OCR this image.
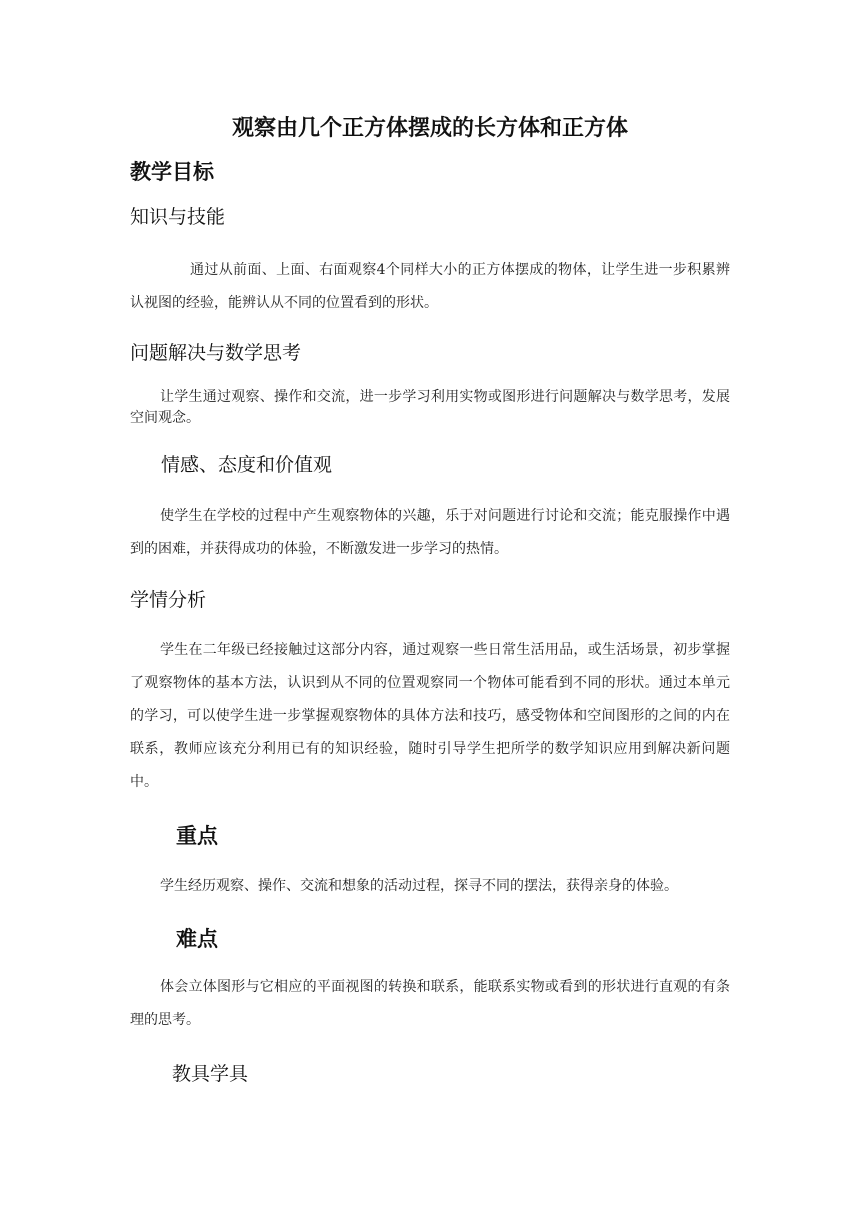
观察由几个正方体摆成的长方体和正方体
教学目标
知识与技能

通过从前面、上面、右面观察4个同样大小的正方体摆成的物体，让学生进一步积累辨认视图的经验，能辨认从不同的位置看到的形状。

问题解决与数学思考

让学生通过观察、操作和交流，进一步学习利用实物或图形进行问题解决与数学思考，发展空间观念。

情感、态度和价值观

使学生在学校的过程中产生观察物体的兴趣，乐于对问题进行讨论和交流；能克服操作中遇到的困难，并获得成功的体验，不断激发进一步学习的热情。

学情分析

学生在二年级已经接触过这部分内容，通过观察一些日常生活用品，或生活场景，初步掌握了观察物体的基本方法，认识到从不同的位置观察同一个物体可能看到不同的形状。通过本单元的学习，可以使学生进一步掌握观察物体的具体方法和技巧，感受物体和空间图形的之间的内在联系，教师应该充分利用已有的知识经验，随时引导学生把所学的数学知识应用到解决新问题中。

重点

学生经历观察、操作、交流和想象的活动过程，探寻不同的摆法，获得亲身的体验。

难点

体会立体图形与它相应的平面视图的转换和联系，能联系实物或看到的形状进行直观的有条理的思考。

教具学具
